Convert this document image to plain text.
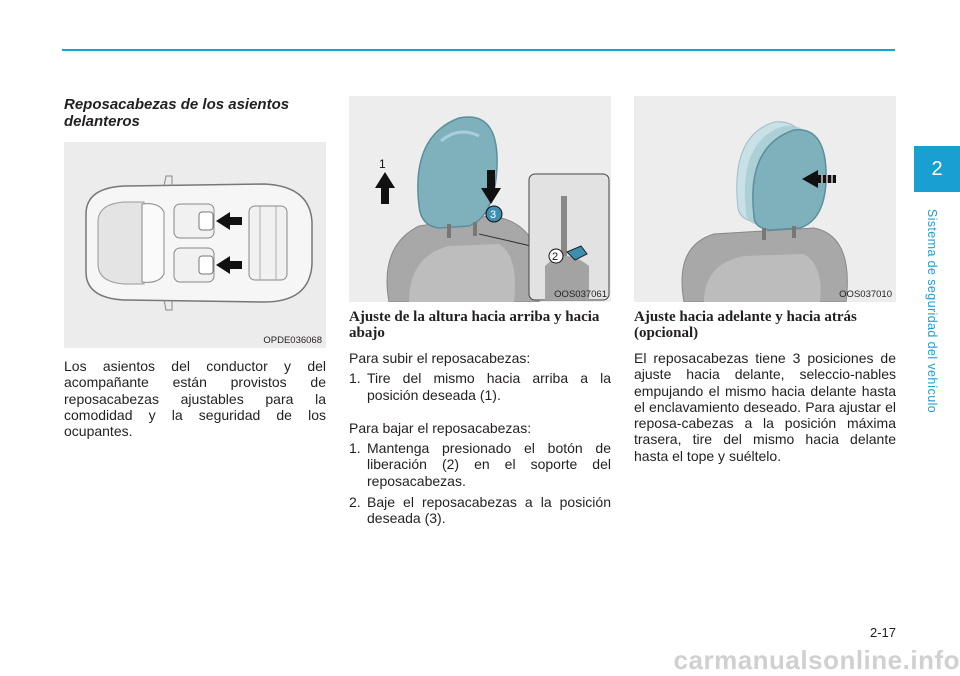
2
Sistema de seguridad del vehículo
Reposacabezas de los asientos delanteros
OPDE036068

Los asientos del conductor y del acompañante están provistos de reposacabezas ajustables para la comodidad y la seguridad de los ocupantes.

1
3
2
OOS037061
Ajuste de la altura hacia arriba y hacia abajo

Para subir el reposacabezas:

1. Tire del mismo hacia arriba a la posición deseada (1).

Para bajar el reposacabezas:

1. Mantenga presionado el botón de liberación (2) en el soporte del reposacabezas.
2. Baje el reposacabezas a la posición deseada (3).
OOS037010
Ajuste hacia adelante y hacia atrás (opcional)

El reposacabezas tiene 3 posiciones de ajuste hacia delante, seleccio-nables empujando el mismo hacia delante hasta el enclavamiento deseado. Para ajustar el reposa-cabezas a la posición máxima trasera, tire del mismo hacia delante hasta el tope y suéltelo.

2-17
carmanualsonline.info
